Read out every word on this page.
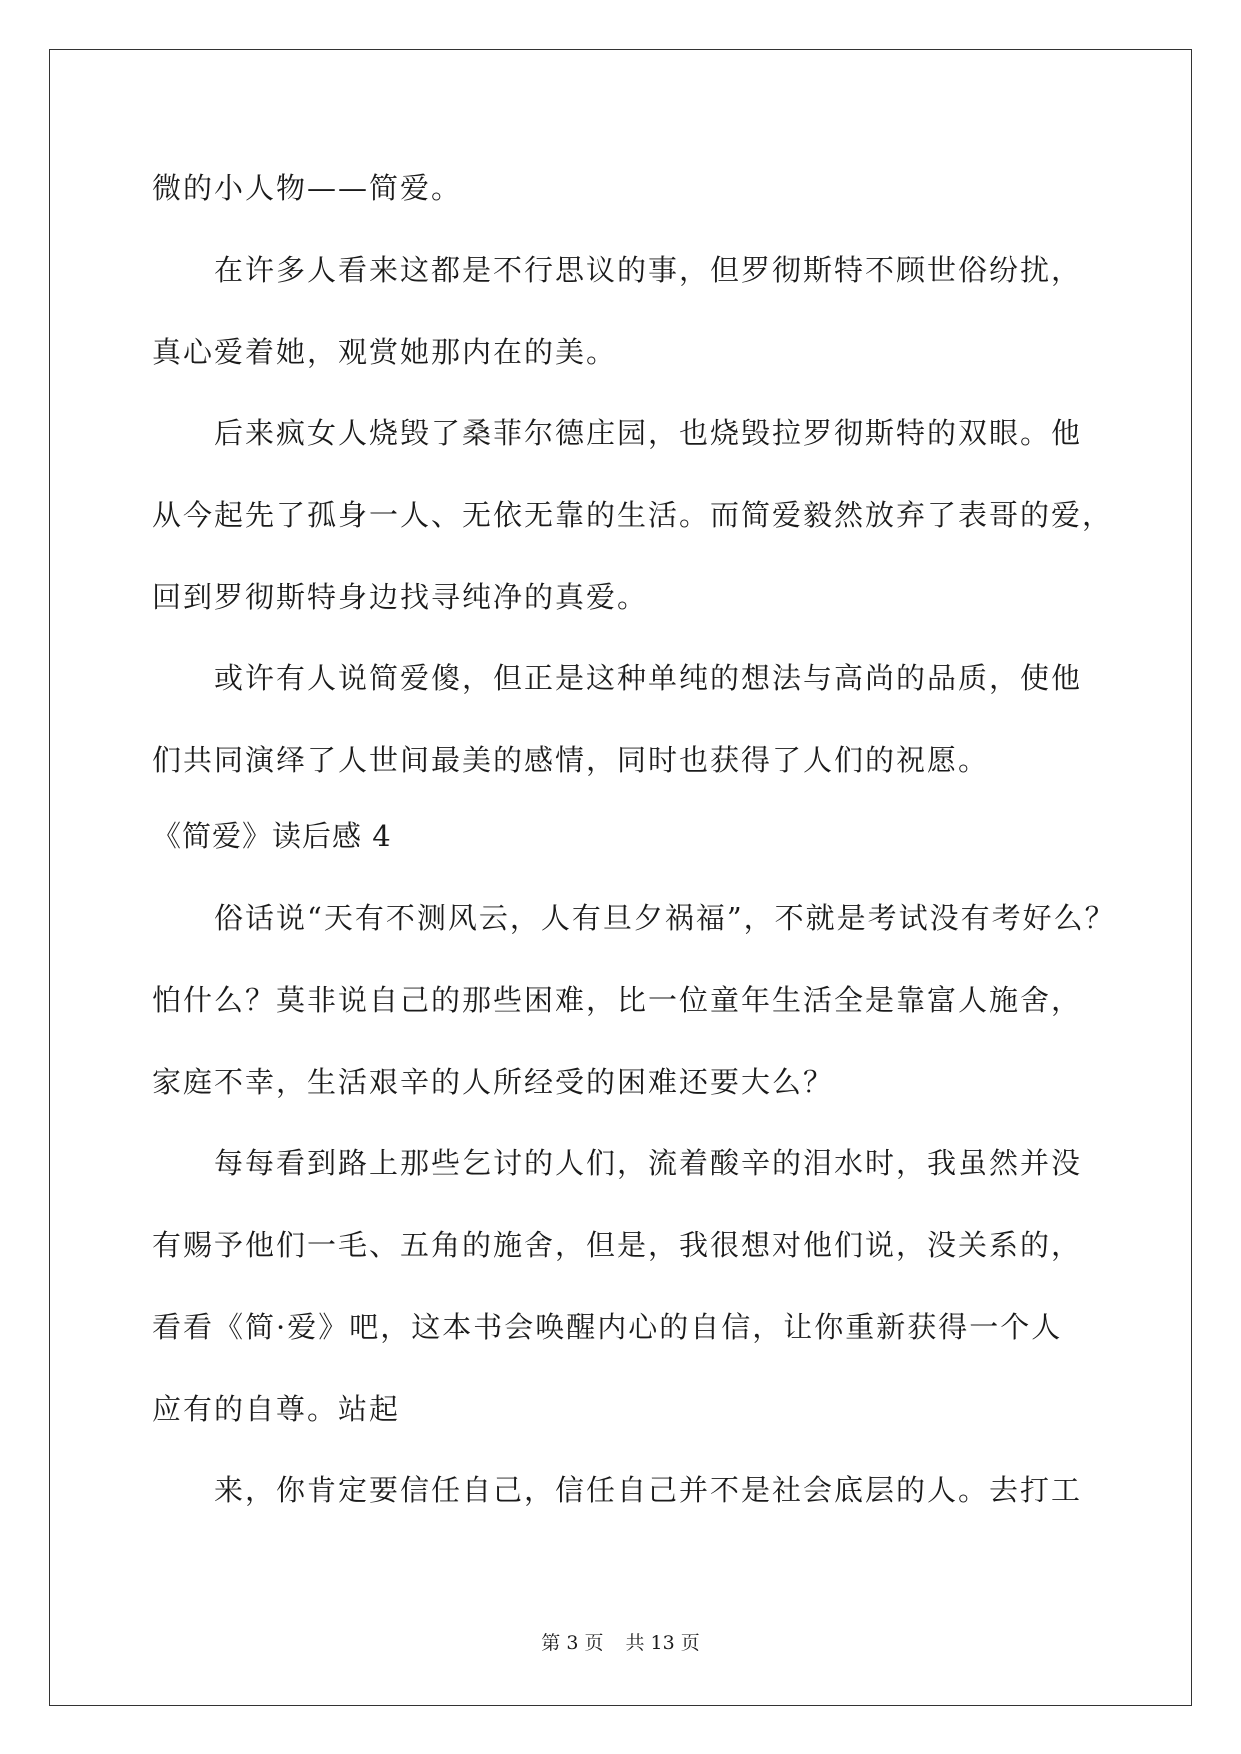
微的小人物——简爱。

在许多人看来这都是不行思议的事，但罗彻斯特不顾世俗纷扰，

真心爱着她，观赏她那内在的美。

后来疯女人烧毁了桑菲尔德庄园，也烧毁拉罗彻斯特的双眼。他

从今起先了孤身一人、无依无靠的生活。而简爱毅然放弃了表哥的爱，

回到罗彻斯特身边找寻纯净的真爱。

或许有人说简爱傻，但正是这种单纯的想法与高尚的品质，使他

们共同演绎了人世间最美的感情，同时也获得了人们的祝愿。

《简爱》读后感 4

俗话说“天有不测风云，人有旦夕祸福”，不就是考试没有考好么？

怕什么？莫非说自己的那些困难，比一位童年生活全是靠富人施舍，

家庭不幸，生活艰辛的人所经受的困难还要大么？

每每看到路上那些乞讨的人们，流着酸辛的泪水时，我虽然并没

有赐予他们一毛、五角的施舍，但是，我很想对他们说，没关系的，

看看《简·爱》吧，这本书会唤醒内心的自信，让你重新获得一个人

应有的自尊。站起

来，你肯定要信任自己，信任自己并不是社会底层的人。去打工

第 3 页 共 13 页
